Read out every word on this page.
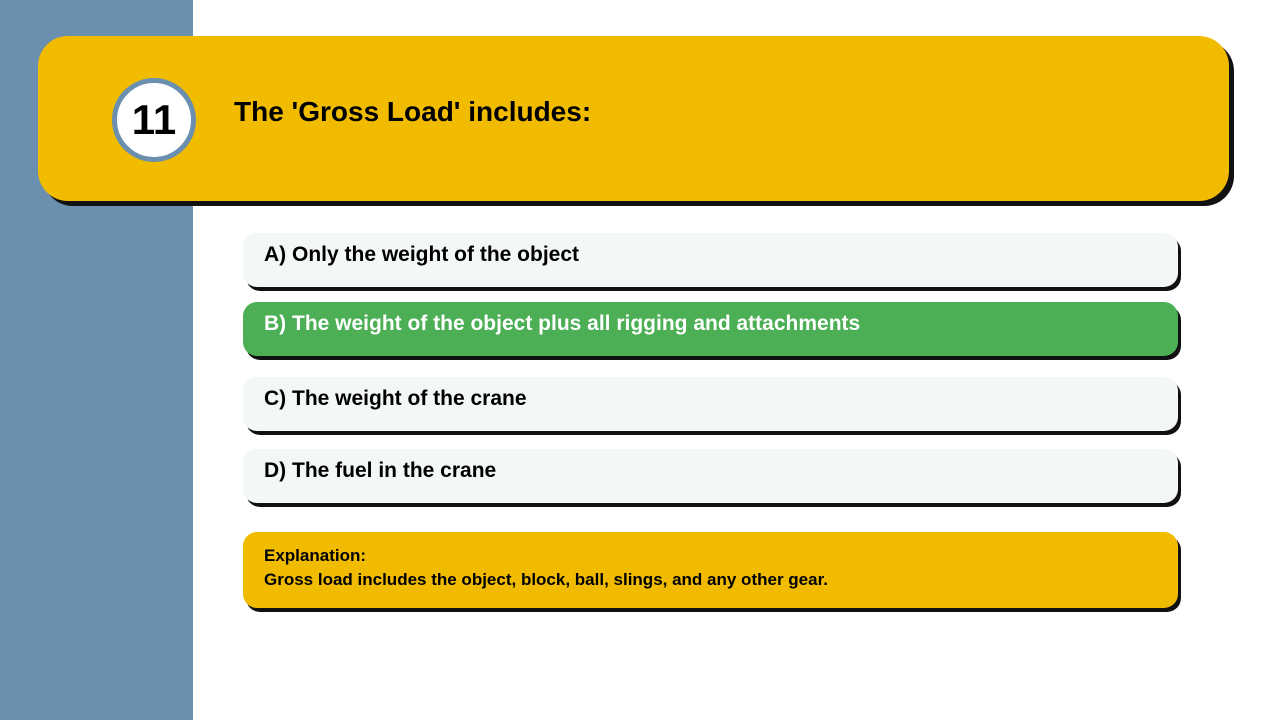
11	The 'Gross Load' includes:
A) Only the weight of the object
B) The weight of the object plus all rigging and attachments
C) The weight of the crane
D) The fuel in the crane
Explanation:
Gross load includes the object, block, ball, slings, and any other gear.
